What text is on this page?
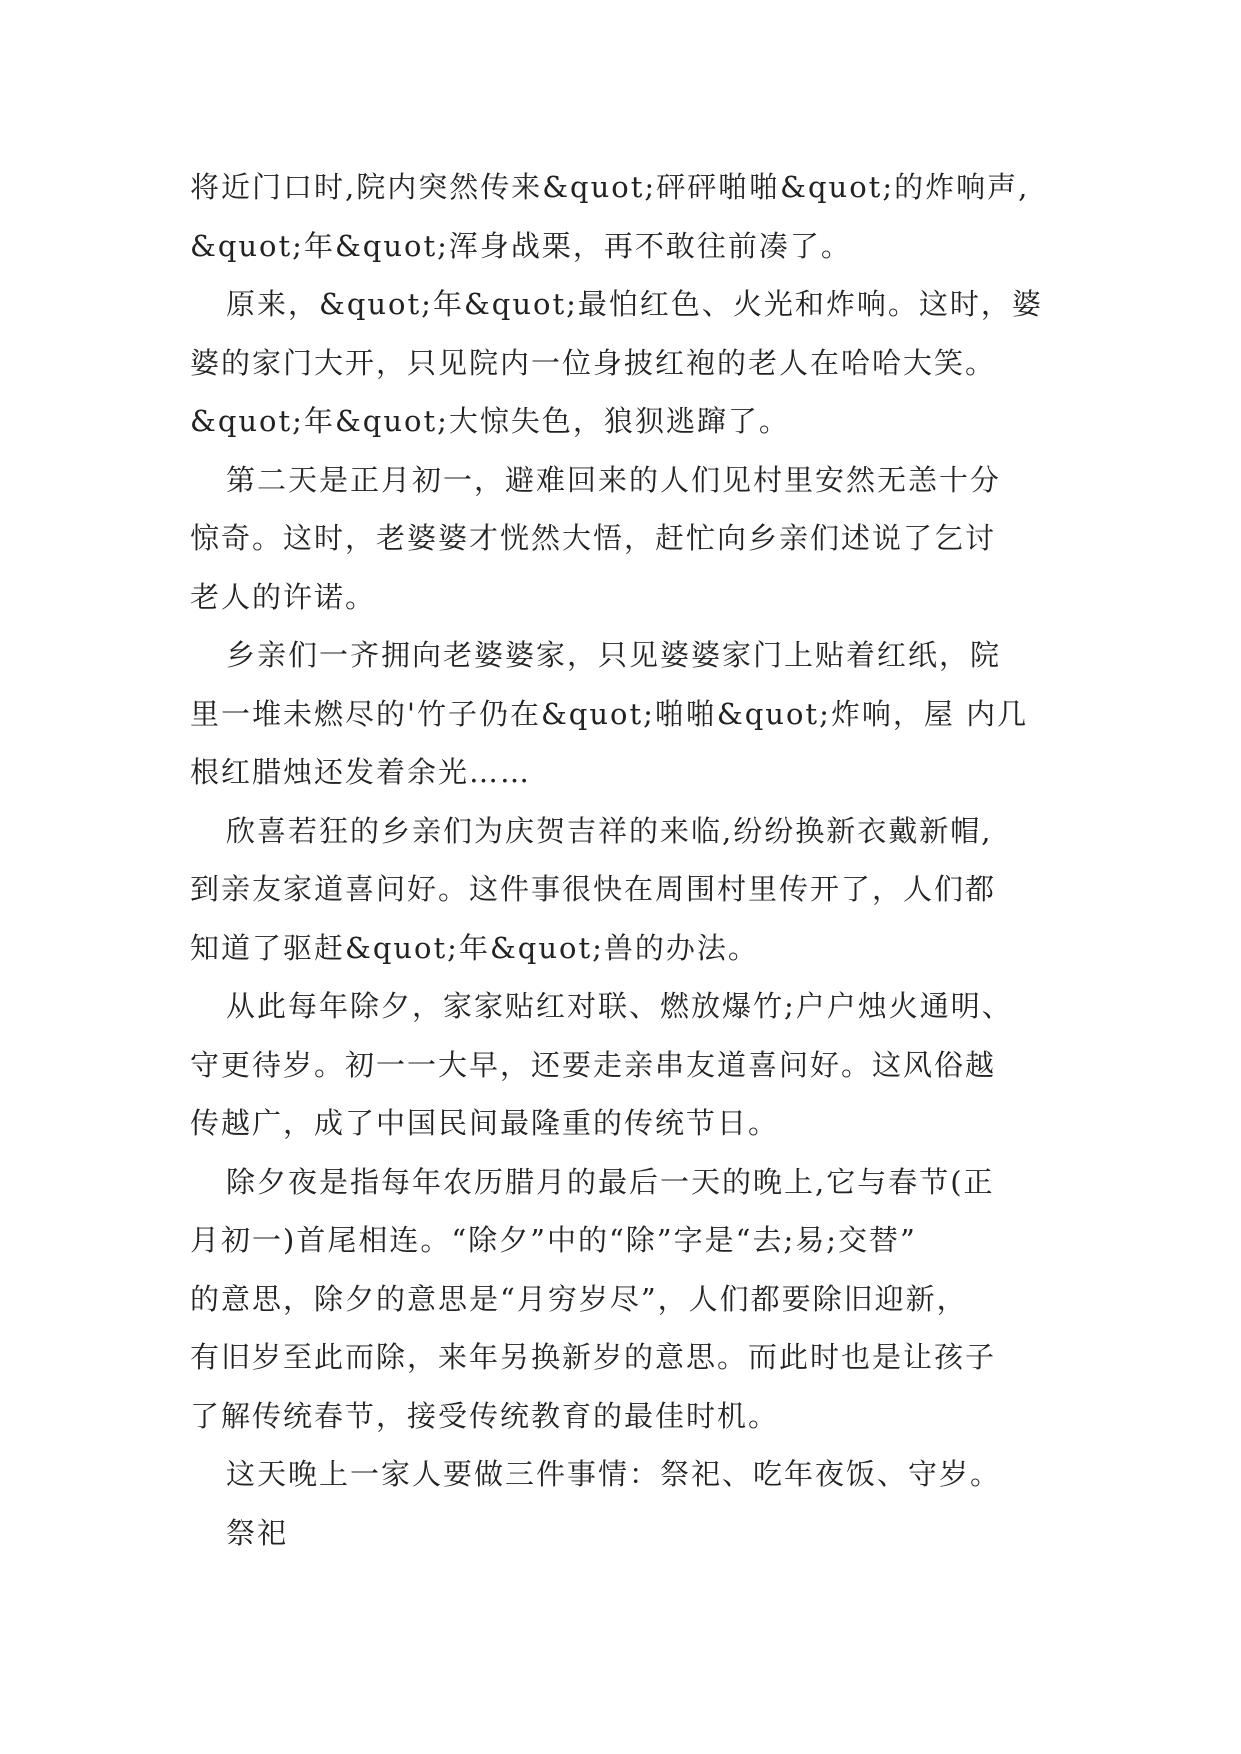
将近门口时,院内突然传来&quot;砰砰啪啪&quot;的炸响声,
&quot;年&quot;浑身战栗，再不敢往前凑了。
原来，&quot;年&quot;最怕红色、火光和炸响。这时，婆
婆的家门大开，只见院内一位身披红袍的老人在哈哈大笑。
&quot;年&quot;大惊失色，狼狈逃蹿了。
第二天是正月初一，避难回来的人们见村里安然无恙十分
惊奇。这时，老婆婆才恍然大悟，赶忙向乡亲们述说了乞讨
老人的许诺。
乡亲们一齐拥向老婆婆家，只见婆婆家门上贴着红纸，院
里一堆未燃尽的'竹子仍在&quot;啪啪&quot;炸响，屋 内几
根红腊烛还发着余光……
欣喜若狂的乡亲们为庆贺吉祥的来临,纷纷换新衣戴新帽,
到亲友家道喜问好。这件事很快在周围村里传开了，人们都
知道了驱赶&quot;年&quot;兽的办法。
从此每年除夕，家家贴红对联、燃放爆竹;户户烛火通明、
守更待岁。初一一大早，还要走亲串友道喜问好。这风俗越
传越广，成了中国民间最隆重的传统节日。
除夕夜是指每年农历腊月的最后一天的晚上,它与春节(正
月初一)首尾相连。“除夕”中的“除”字是“去;易;交替”
的意思，除夕的意思是“月穷岁尽”，人们都要除旧迎新，
有旧岁至此而除，来年另换新岁的意思。而此时也是让孩子
了解传统春节，接受传统教育的最佳时机。
这天晚上一家人要做三件事情：祭祀、吃年夜饭、守岁。
祭祀
